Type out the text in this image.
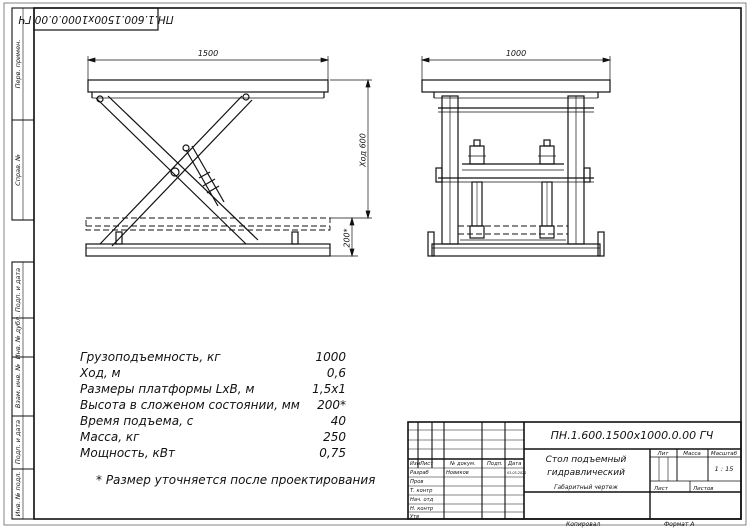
ПН.1.600.1500х1000.0.00 ГЧ
Перв. примен.
Справ. №
Подп. и дата
Инв. № дубл.
Взам. инв. №
Подп. и дата
Инв. № подл.
1500
Ход 600
200*
1000
Грузоподъемность, кг	1000
Ход, м	0,6
Размеры платформы LxB, м	1,5х1
Высота в сложеном состоянии, мм 200*
Время подъема, с	40
Масса, кг	250
Мощность, кВт	0,75
* Размер уточняется после проектирования
Изм Лист	№ докум. Подп. Дата
Разраб	Новиков	03.03.2021
Пров
Т. контр
Нач. отд
Н. контр
Утв
ПН.1.600.1500х1000.0.00 ГЧ
Стол подъемный
гидравлический
Габаритный чертеж
Лит	Масса Масштаб
Лист	Листов
1 : 15
Копировал	Формат А
